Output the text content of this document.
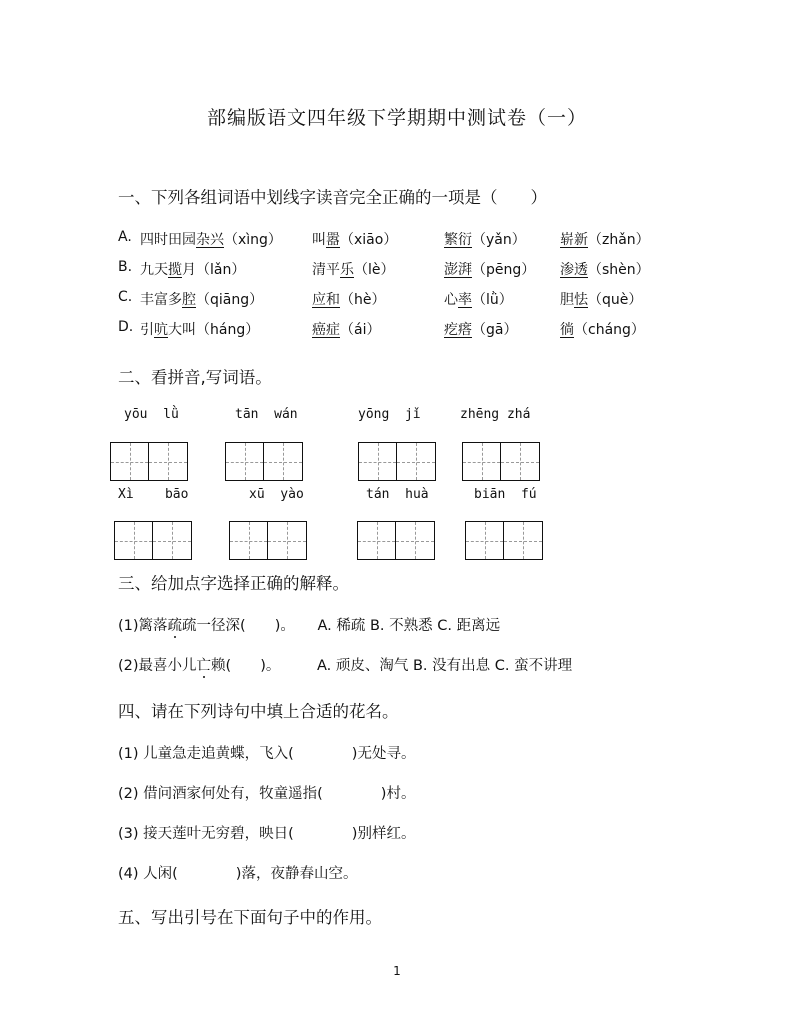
部编版语文四年级下学期期中测试卷（一）
一、下列各组词语中划线字读音完全正确的一项是（　　）
A. 四时田园杂兴（xìng） 叫嚣（xiāo）	繁衍（yǎn） 崭新（zhǎn）
B. 九天揽月（lǎn）	清平乐（lè）	澎湃（pēng） 渗透（shèn）
C. 丰富多腔（qiāng）	应和（hè）	心率（lǜ）	胆怯（què）
D. 引吭大叫（háng）	癌症（ái）	疙瘩（gā）	徜（cháng）
二、看拼音,写词语。
yōu  lǜ	tān  wán	yōng  jǐ	zhēng zhá
Xì    bāo	xū  yào	tán  huà	biān  fú
三、给加点字选择正确的解释。
(1)篱落疏疏一径深(　　)。 A. 稀疏 B. 不熟悉 C. 距离远
(2)最喜小儿亡赖(　　)。	A. 顽皮、淘气 B. 没有出息 C. 蛮不讲理
四、请在下列诗句中填上合适的花名。
(1) 儿童急走追黄蝶，飞入(　　　　)无处寻。
(2) 借问酒家何处有，牧童遥指(　　　　)村。
(3) 接天莲叶无穷碧，映日(　　　　)别样红。
(4) 人闲(　　　　)落，夜静春山空。
五、写出引号在下面句子中的作用。
1
